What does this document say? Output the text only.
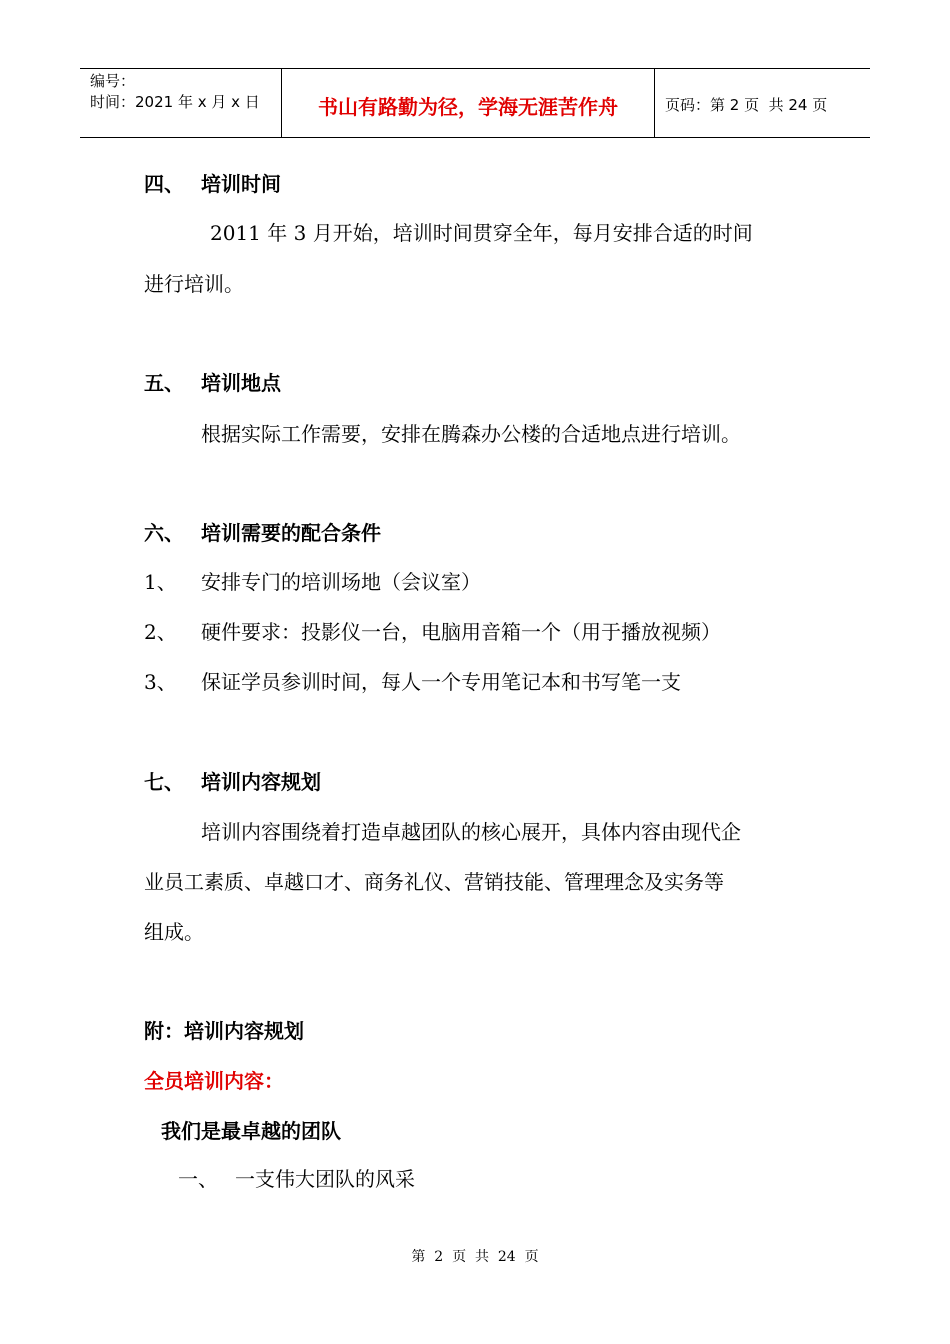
编号：
时间：2021 年 x 月 x 日	书山有路勤为径，学海无涯苦作舟	页码：第 2 页  共 24 页
四、 培训时间
2011 年 3 月开始，培训时间贯穿全年，每月安排合适的时间
进行培训。
五、 培训地点
根据实际工作需要，安排在腾森办公楼的合适地点进行培训。
六、 培训需要的配合条件
1、 安排专门的培训场地（会议室）
2、 硬件要求：投影仪一台，电脑用音箱一个（用于播放视频）
3、 保证学员参训时间，每人一个专用笔记本和书写笔一支
七、 培训内容规划
培训内容围绕着打造卓越团队的核心展开，具体内容由现代企
业员工素质、卓越口才、商务礼仪、营销技能、管理理念及实务等
组成。
附：培训内容规划
全员培训内容：
我们是最卓越的团队
一、 一支伟大团队的风采
第  2  页  共  24  页
